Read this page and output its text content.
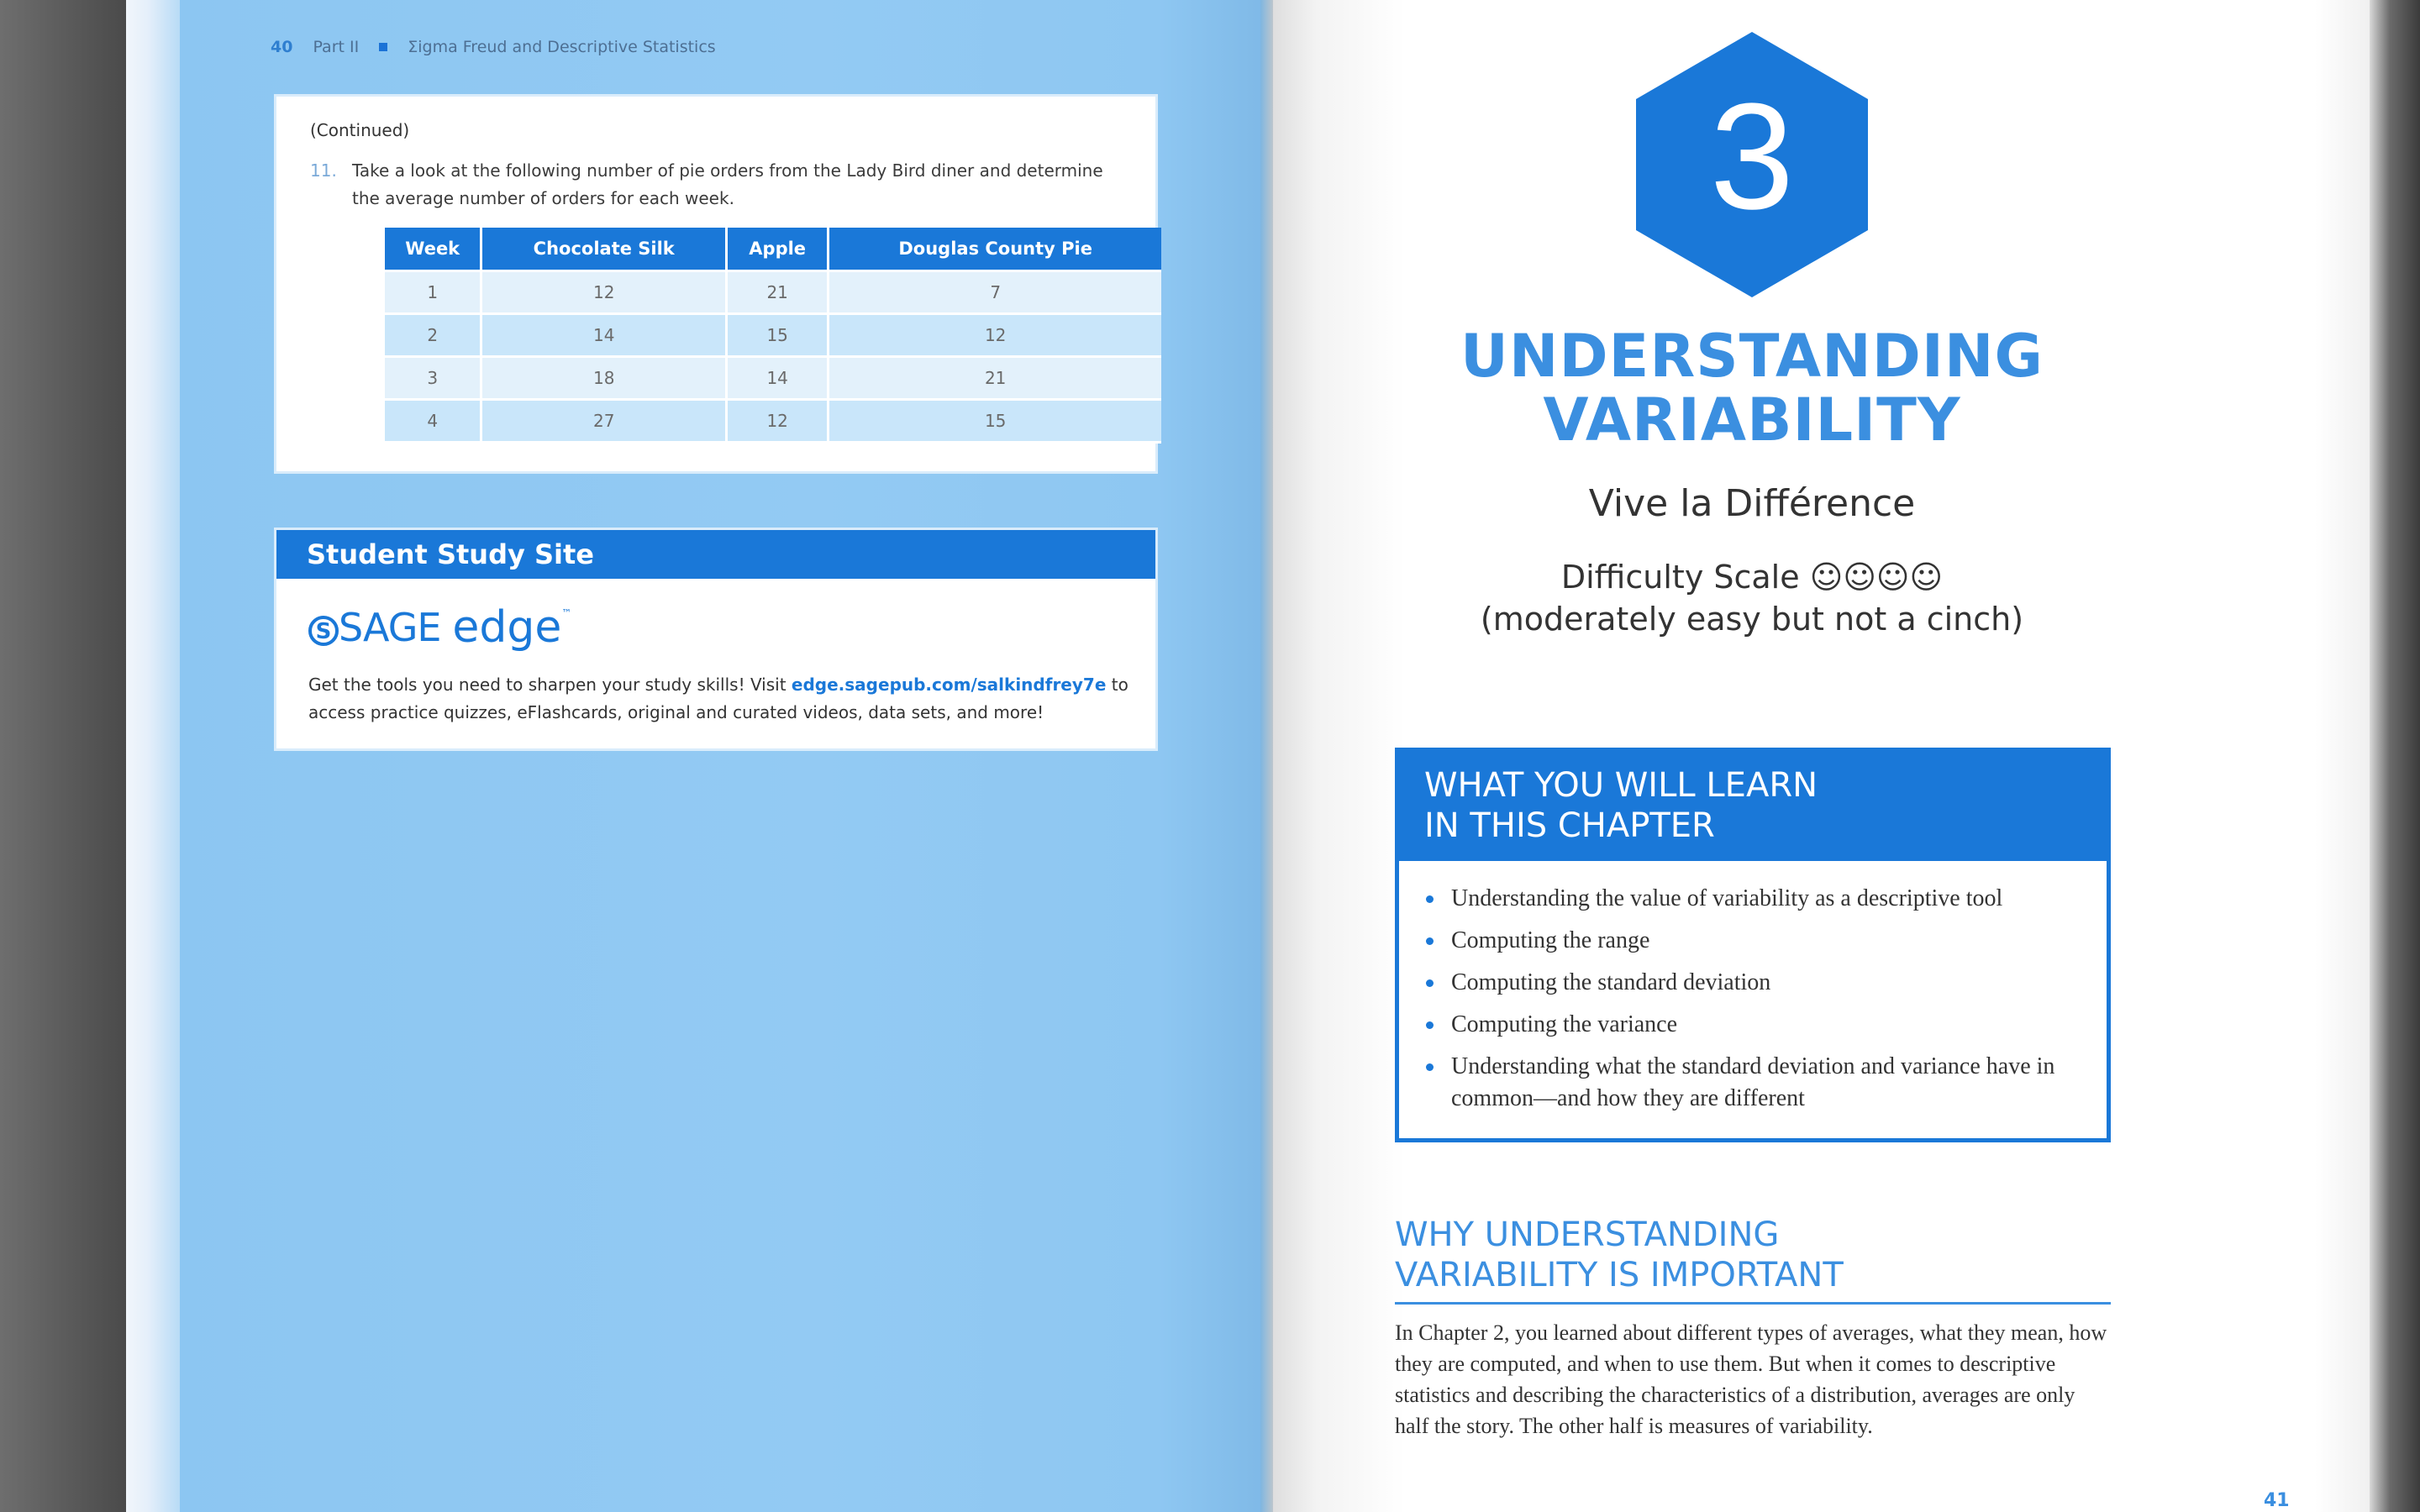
40 Part II	Σigma Freud and Descriptive Statistics
(Continued)
11. Take a look at the following number of pie orders from the Lady Bird diner and determine the average number of orders for each week.
Week	Chocolate Silk	Apple	Douglas County Pie
1	12	21	7
2	14	15	12
3	18	14	21
4	27	12	15
Student Study Site
S SAGE edge ™
Get the tools you need to sharpen your study skills! Visit edge.sagepub.com/salkindfrey7e to access practice quizzes, eFlashcards, original and curated videos, data sets, and more!
3
UNDERSTANDING
VARIABILITY
Vive la Différence
Difficulty Scale ☺☺☺☺
(moderately easy but not a cinch)
WHAT YOU WILL LEARN
IN THIS CHAPTER
Understanding the value of variability as a descriptive tool
Computing the range
Computing the standard deviation
Computing the variance
Understanding what the standard deviation and variance have in common—and how they are different
WHY UNDERSTANDING
VARIABILITY IS IMPORTANT
In Chapter 2, you learned about different types of averages, what they mean, how they are computed, and when to use them. But when it comes to descriptive statistics and describing the characteristics of a distribution, averages are only half the story. The other half is measures of variability.
41
